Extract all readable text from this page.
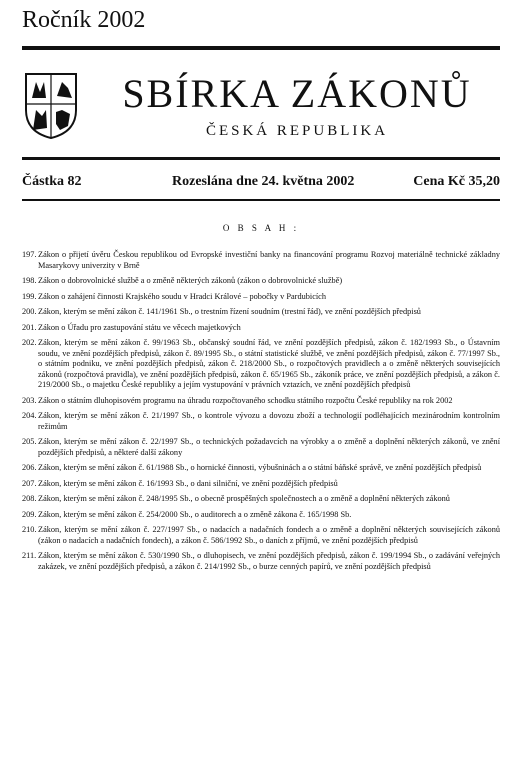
Ročník 2002
SBÍRKA ZÁKONŮ
ČESKÁ REPUBLIKA
Částka 82	Rozeslána dne 24. května 2002	Cena Kč 35,20
O B S A H :
197. Zákon o přijetí úvěru Českou republikou od Evropské investiční banky na financování programu Rozvoj materiálně technické základny Masarykovy univerzity v Brně
198. Zákon o dobrovolnické službě a o změně některých zákonů (zákon o dobrovolnické službě)
199. Zákon o zahájení činnosti Krajského soudu v Hradci Králové – pobočky v Pardubicích
200. Zákon, kterým se mění zákon č. 141/1961 Sb., o trestním řízení soudním (trestní řád), ve znění pozdějších předpisů
201. Zákon o Úřadu pro zastupování státu ve věcech majetkových
202. Zákon, kterým se mění zákon č. 99/1963 Sb., občanský soudní řád, ve znění pozdějších předpisů, zákon č. 182/1993 Sb., o Ústavním soudu, ve znění pozdějších předpisů, zákon č. 89/1995 Sb., o státní statistické službě, ve znění pozdějších předpisů, zákon č. 77/1997 Sb., o státním podniku, ve znění pozdějších předpisů, zákon č. 218/2000 Sb., o rozpočtových pravidlech a o změně některých souvisejících zákonů (rozpočtová pravidla), ve znění pozdějších předpisů, zákon č. 65/1965 Sb., zákoník práce, ve znění pozdějších předpisů, a zákon č. 219/2000 Sb., o majetku České republiky a jejím vystupování v právních vztazích, ve znění pozdějších předpisů
203. Zákon o státním dluhopisovém programu na úhradu rozpočtovaného schodku státního rozpočtu České republiky na rok 2002
204. Zákon, kterým se mění zákon č. 21/1997 Sb., o kontrole vývozu a dovozu zboží a technologií podléhajících mezinárodním kontrolním režimům
205. Zákon, kterým se mění zákon č. 22/1997 Sb., o technických požadavcích na výrobky a o změně a doplnění některých zákonů, ve znění pozdějších předpisů, a některé další zákony
206. Zákon, kterým se mění zákon č. 61/1988 Sb., o hornické činnosti, výbušninách a o státní báňské správě, ve znění pozdějších předpisů
207. Zákon, kterým se mění zákon č. 16/1993 Sb., o dani silniční, ve znění pozdějších předpisů
208. Zákon, kterým se mění zákon č. 248/1995 Sb., o obecně prospěšných společnostech a o změně a doplnění některých zákonů
209. Zákon, kterým se mění zákon č. 254/2000 Sb., o auditorech a o změně zákona č. 165/1998 Sb.
210. Zákon, kterým se mění zákon č. 227/1997 Sb., o nadacích a nadačních fondech a o změně a doplnění některých souvisejících zákonů (zákon o nadacích a nadačních fondech), a zákon č. 586/1992 Sb., o daních z příjmů, ve znění pozdějších předpisů
211. Zákon, kterým se mění zákon č. 530/1990 Sb., o dluhopisech, ve znění pozdějších předpisů, zákon č. 199/1994 Sb., o zadávání veřejných zakázek, ve znění pozdějších předpisů, a zákon č. 214/1992 Sb., o burze cenných papírů, ve znění pozdějších předpisů
